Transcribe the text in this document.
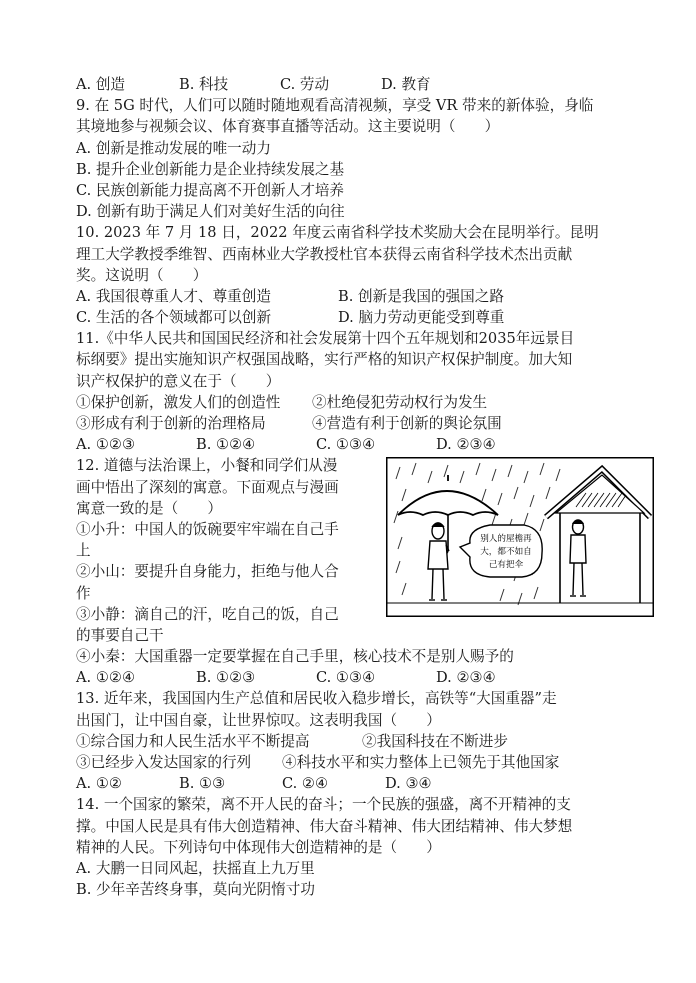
A. 创造	B. 科技	C. 劳动	D. 教育
9. 在 5G 时代，人们可以随时随地观看高清视频，享受 VR 带来的新体验，身临
其境地参与视频会议、体育赛事直播等活动。这主要说明（　　）
A. 创新是推动发展的唯一动力
B. 提升企业创新能力是企业持续发展之基
C. 民族创新能力提高离不开创新人才培养
D. 创新有助于满足人们对美好生活的向往
10. 2023 年 7 月 18 日，2022 年度云南省科学技术奖励大会在昆明举行。昆明
理工大学教授季维智、西南林业大学教授杜官本获得云南省科学技术杰出贡献
奖。这说明（　　）
A. 我国很尊重人才、尊重创造	B. 创新是我国的强国之路
C. 生活的各个领域都可以创新	D. 脑力劳动更能受到尊重
11.《中华人民共和国国民经济和社会发展第十四个五年规划和2035年远景目
标纲要》提出实施知识产权强国战略，实行严格的知识产权保护制度。加大知
识产权保护的意义在于（　　）
①保护创新，激发人们的创造性	②杜绝侵犯劳动权行为发生
③形成有利于创新的治理格局	④营造有利于创新的舆论氛围
A. ①②③	B. ①②④	C. ①③④	D. ②③④
12. 道德与法治课上，小餐和同学们从漫
画中悟出了深刻的寓意。下面观点与漫画
寓意一致的是（　　）
①小升：中国人的饭碗要牢牢端在自己手
上
②小山：要提升自身能力，拒绝与他人合
作
③小静：滴自己的汗，吃自己的饭，自己
的事要自己干
别人的屋檐再
大，都不如自
己有把伞
④小秦：大国重器一定要掌握在自己手里，核心技术不是别人赐予的
A. ①②④	B. ①②③	C. ①③④	D. ②③④
13. 近年来，我国国内生产总值和居民收入稳步增长，高铁等“大国重器”走
出国门，让中国自豪，让世界惊叹。这表明我国（　　）
①综合国力和人民生活水平不断提高	②我国科技在不断进步
③已经步入发达国家的行列	④科技水平和实力整体上已领先于其他国家
A. ①②	B. ①③	C. ②④	D. ③④
14. 一个国家的繁荣，离不开人民的奋斗；一个民族的强盛，离不开精神的支
撑。中国人民是具有伟大创造精神、伟大奋斗精神、伟大团结精神、伟大梦想
精神的人民。下列诗句中体现伟大创造精神的是（　　）
A. 大鹏一日同风起，扶摇直上九万里
B. 少年辛苦终身事，莫向光阴惰寸功
